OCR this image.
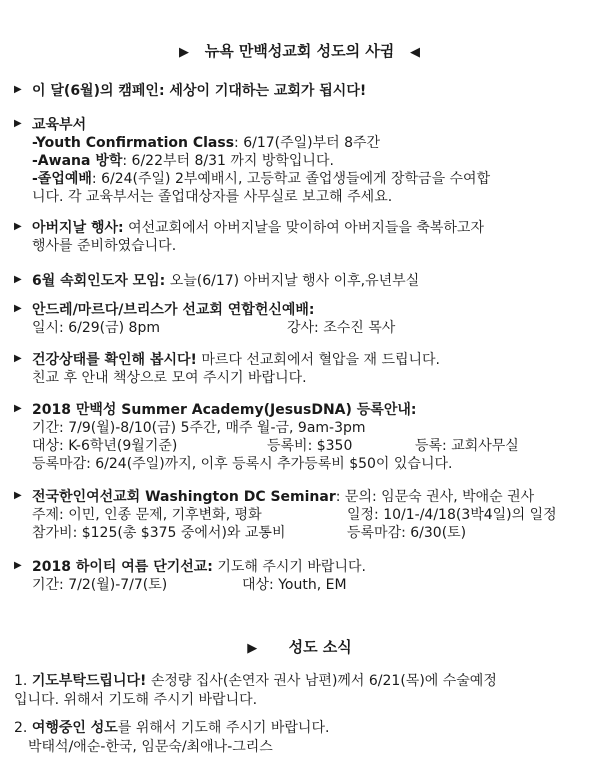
▶ 뉴욕 만백성교회 성도의 사귐 ◀
▶ 이 달(6월)의 캠페인: 세상이 기대하는 교회가 됩시다!
▶ 교육부서
-Youth Confirmation Class: 6/17(주일)부터 8주간
-Awana 방학: 6/22부터 8/31 까지 방학입니다.
-졸업예배: 6/24(주일) 2부예배시, 고등학교 졸업생들에게 장학금을 수여합
니다. 각 교육부서는 졸업대상자를 사무실로 보고해 주세요.
▶ 아버지날 행사: 여선교회에서 아버지날을 맞이하여 아버지들을 축복하고자
행사를 준비하였습니다.
▶ 6월 속회인도자 모임: 오늘(6/17) 아버지날 행사 이후,유년부실
▶ 안드레/마르다/브리스가 선교회 연합헌신예배:
일시: 6/29(금) 8pm	강사: 조수진 목사
▶ 건강상태를 확인해 봅시다! 마르다 선교회에서 혈압을 재 드립니다.
친교 후 안내 책상으로 모여 주시기 바랍니다.
▶ 2018 만백성 Summer Academy(JesusDNA) 등록안내:
기간: 7/9(월)-8/10(금) 5주간, 매주 월-금, 9am-3pm
대상: K-6학년(9월기준)	등록비: $350	등록: 교회사무실
등록마감: 6/24(주일)까지, 이후 등록시 추가등록비 $50이 있습니다.
▶ 전국한인여선교회 Washington DC Seminar: 문의: 임문숙 권사, 박애순 권사
주제: 이민, 인종 문제, 기후변화, 평화	일정: 10/1-/4/18(3박4일)의 일정
참가비: $125(총 $375 중에서)와 교통비	등록마감: 6/30(토)
▶ 2018 하이티 여름 단기선교: 기도해 주시기 바랍니다.
기간: 7/2(월)-7/7(토)	대상: Youth, EM
▶ 성도 소식
1. 기도부탁드립니다! 손정량 집사(손연자 권사 남편)께서 6/21(목)에 수술예정
입니다. 위해서 기도해 주시기 바랍니다.
2. 여행중인 성도를 위해서 기도해 주시기 바랍니다.
박태석/애순-한국, 임문숙/최애나-그리스
